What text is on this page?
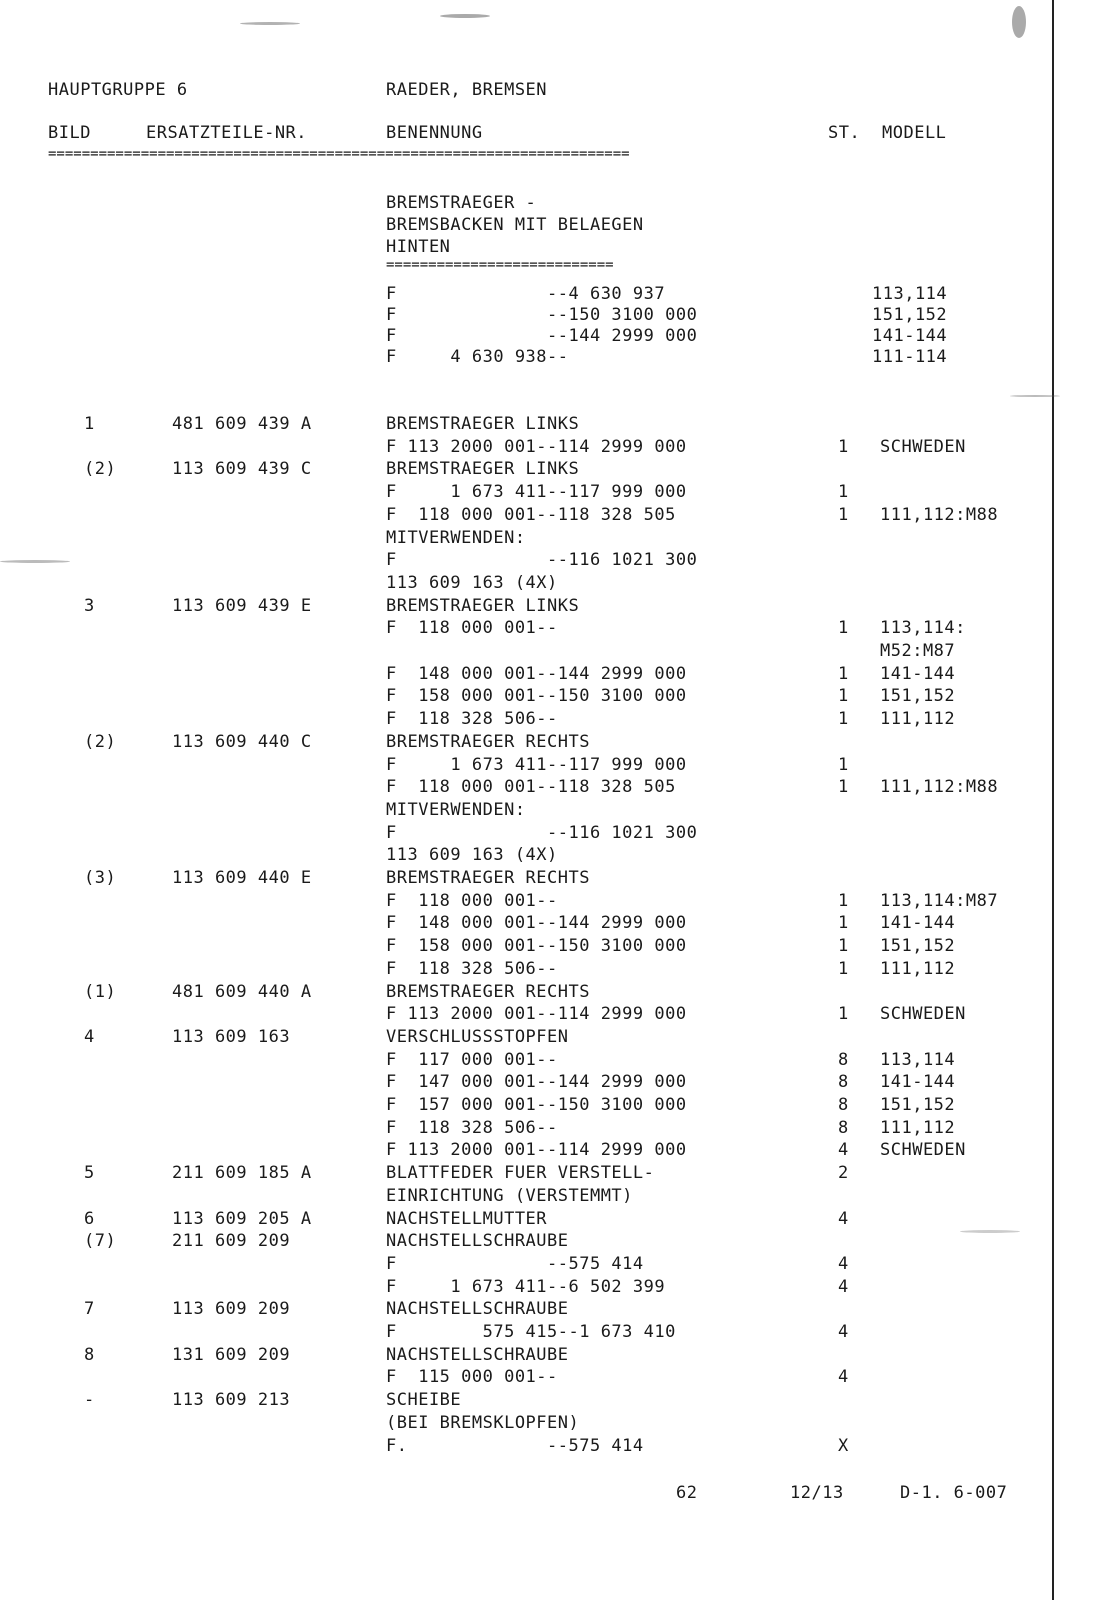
HAUPTGRUPPE 6	RAEDER, BREMSEN
BILD	ERSATZTEILE-NR.	BENENNUNG	ST. MODELL
=====================================================================
BREMSTRAEGER -
BREMSBACKEN MIT BELAEGEN
HINTEN
===========================
F              --4 630 937	113,114
F              --150 3100 000	151,152
F              --144 2999 000	141-144
F     4 630 938--	111-114
1	481 609 439 A	BREMSTRAEGER LINKS
F 113 2000 001--114 2999 000	1 SCHWEDEN
(2)	113 609 439 C	BREMSTRAEGER LINKS
F     1 673 411--117 999 000	1
F  118 000 001--118 328 505	1 111,112:M88
MITVERWENDEN:
F              --116 1021 300
113 609 163 (4X)
3	113 609 439 E	BREMSTRAEGER LINKS
F  118 000 001--	1 113,114:
M52:M87
F  148 000 001--144 2999 000	1 141-144
F  158 000 001--150 3100 000	1 151,152
F  118 328 506--	1 111,112
(2)	113 609 440 C	BREMSTRAEGER RECHTS
F     1 673 411--117 999 000	1
F  118 000 001--118 328 505	1 111,112:M88
MITVERWENDEN:
F              --116 1021 300
113 609 163 (4X)
(3)	113 609 440 E	BREMSTRAEGER RECHTS
F  118 000 001--	1 113,114:M87
F  148 000 001--144 2999 000	1 141-144
F  158 000 001--150 3100 000	1 151,152
F  118 328 506--	1 111,112
(1)	481 609 440 A	BREMSTRAEGER RECHTS
F 113 2000 001--114 2999 000	1 SCHWEDEN
4	113 609 163	VERSCHLUSSSTOPFEN
F  117 000 001--	8 113,114
F  147 000 001--144 2999 000	8 141-144
F  157 000 001--150 3100 000	8 151,152
F  118 328 506--	8 111,112
F 113 2000 001--114 2999 000	4 SCHWEDEN
5	211 609 185 A	BLATTFEDER FUER VERSTELL-	2
EINRICHTUNG (VERSTEMMT)
6	113 609 205 A	NACHSTELLMUTTER	4
(7)	211 609 209	NACHSTELLSCHRAUBE
F              --575 414	4
F     1 673 411--6 502 399	4
7	113 609 209	NACHSTELLSCHRAUBE
F        575 415--1 673 410	4
8	131 609 209	NACHSTELLSCHRAUBE
F  115 000 001--	4
-	113 609 213	SCHEIBE
(BEI BREMSKLOPFEN)
F.             --575 414	X
62	12/13	D-1. 6-007
